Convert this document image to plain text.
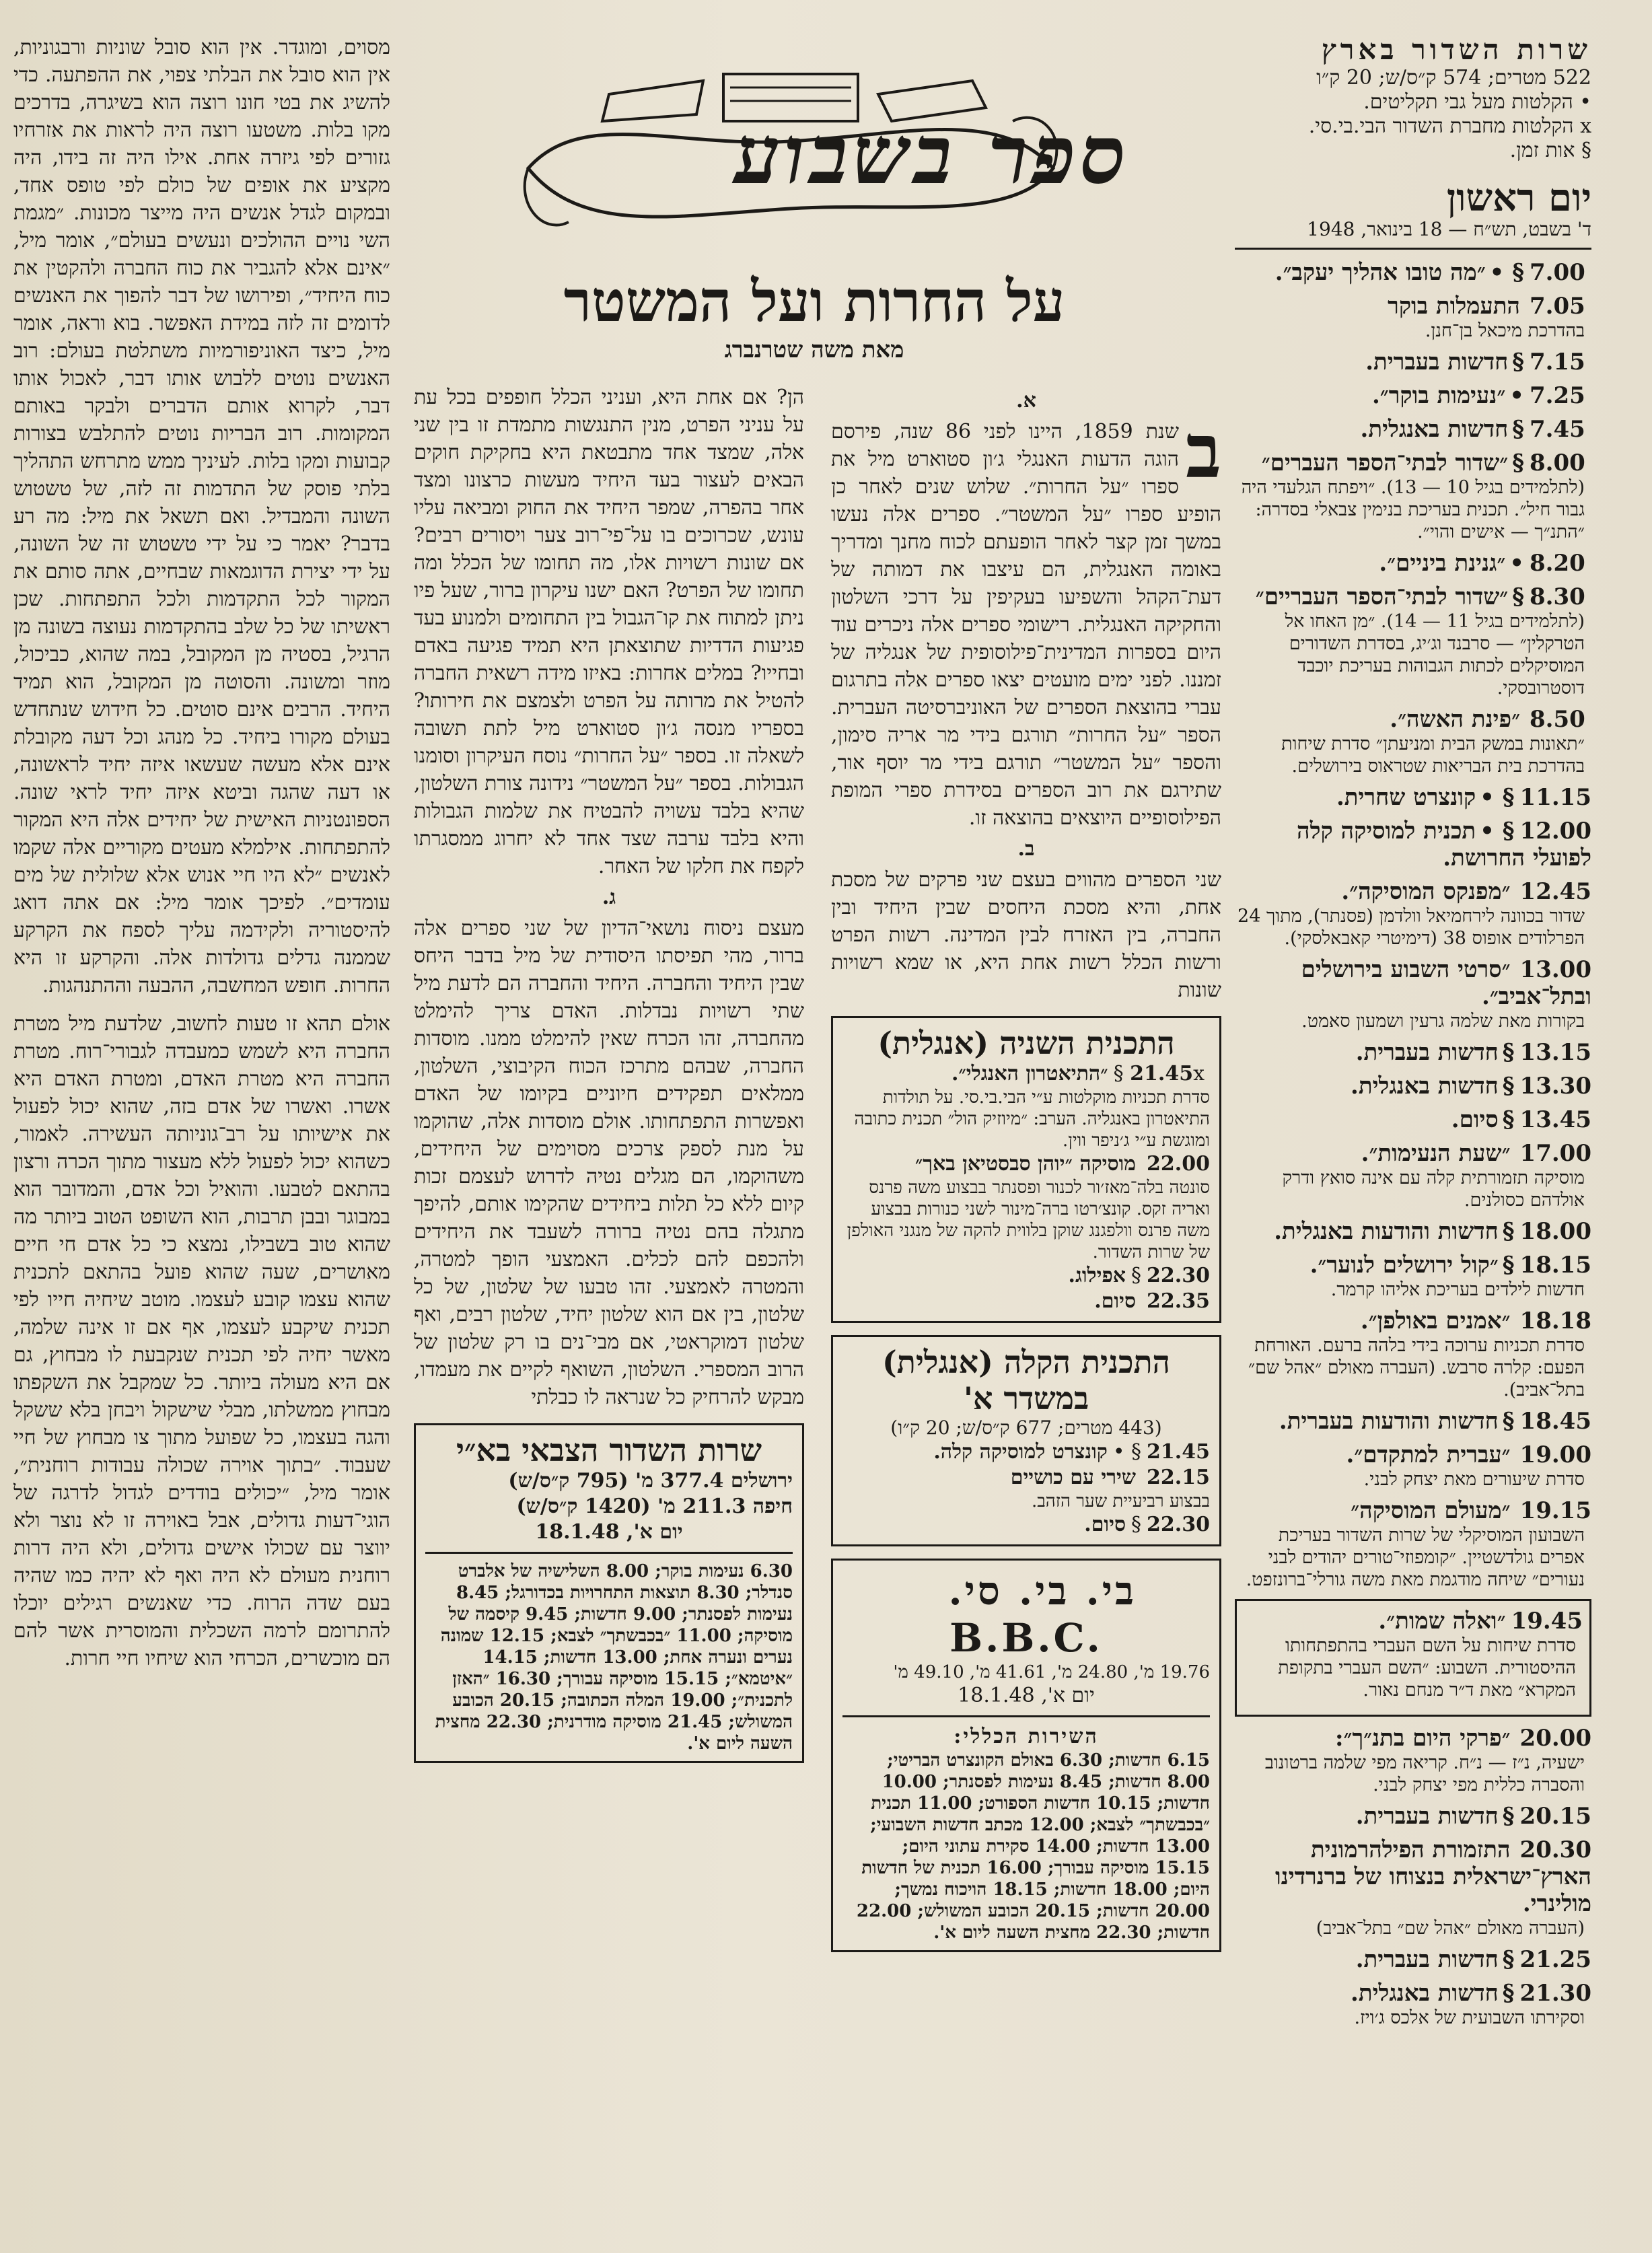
שרות השדור בארץ
522 מטרים; 574 ק״ס/ש; 20 ק״ו
• הקלטות מעל גבי תקליטים.
x הקלטות מחברת השדור הבי.בי.סי.
§ אות זמן.
יום ראשון
ד' בשבט, תש״ח — 18 בינואר, 1948
7.00§ •״מה טובו אהליך יעקב״.
7.05התעמלות בוקר
בהדרכת מיכאל בן־חנן.
7.15§חדשות בעברית.
7.25•״נעימות בוקר״.
7.45§חדשות באנגלית.
8.00§״שדור לבתי־הספר העברים״
(לתלמידים בגיל 10 — 13). ״ויפתח הגלעדי היה גבור חיל״. תכנית בעריכת בנימין צבאלי בסדרה: ״התנ״ך — אישים והוי״.
8.20•״גנינת ביניים״.
8.30§״שדור לבתי־הספר העבריים״
(לתלמידים בגיל 11 — 14). ״מן האחו אל הטרקלין״ — סרבנד וג׳יג, בסדרת השדורים המוסיקלים לכתות הגבוהות בעריכת יוכבד דוסטרובסקי.
8.50״פינת האשה״.
״תאונות במשק הבית ומניעתן״ סדרת שיחות בהדרכת בית הבריאות שטראוס בירושלים.
11.15§ •קונצרט שחרית.
12.00§ •תכנית למוסיקה קלה לפועלי החרושת.
12.45״מפנקס המוסיקה״.
שדור בכוונה לירחמיאל וולדמן (פסנתר), מתוך 24 הפרלודים אופוס 38 (דימיטרי קאבאלסקי).
13.00״סרטי השבוע בירושלים ובתל־אביב״.
בקורות מאת שלמה גרעין ושמעון סאמט.
13.15§חדשות בעברית.
13.30§חדשות באנגלית.
13.45§סיום.
17.00״שעת הנעימות״.
מוסיקה תזמורתית קלה עם אינה סואץ ודרק אולדהם כסולנים.
18.00§חדשות והודעות באנגלית.
18.15§״קול ירושלים לנוער״.
חדשות לילדים בעריכת אליהו קרמר.
18.18״אמנים באולפן״.
סדרת תכניות ערוכה בידי בלהה ברעם. האורחת הפעם: קלרה סרבש. (העברה מאולם ״אהל שם״ בתל־אביב).
18.45§חדשות והודעות בעברית.
19.00״עברית למתקדם״.
סדרת שיעורים מאת יצחק לבני.
19.15״מעולם המוסיקה״
השבועון המוסיקלי של שרות השדור בעריכת אפרים גולדשטיין. ״קומפוזי־טורים יהודים לבני נעורים״ שיחה מודגמת מאת משה גורלי־ברונזפט.
19.45״ואלה שמות״.
סדרת שיחות על השם העברי בהתפתחותו ההיסטורית. השבוע: ״השם העברי בתקופת המקרא״ מאת ד״ר מנחם נאור.
20.00״פרקי היום בתנ״ך״:
ישעיה, נ״ז — נ״ח. קריאה מפי שלמה ברטונוב והסברה כללית מפי יצחק לבני.
20.15§חדשות בעברית.
20.30התזמורת הפילהרמונית הארץ־ישראלית בנצוחו של ברנרדינו מולינרי.
(העברה מאולם ״אהל שם״ בתל־אביב)
21.25§חדשות בעברית.
21.30§חדשות באנגלית.
וסקירתו השבועית של אלכס ג׳ויז.
ספר בשבוע
על החרות ועל המשטר
מאת משה שטרנברג
א.
ב
שנת 1859, היינו לפני 86 שנה, פירסם הוגה הדעות האנגלי ג׳ון סטוארט מיל את ספרו ״על החרות״. שלוש שנים לאחר כן הופיע ספרו ״על המשטר״. ספרים אלה נעשו במשך זמן קצר לאחר הופעתם לכוח מחנך ומדריך באומה האנגלית, הם עיצבו את דמותה של דעת־הקהל והשפיעו בעקיפין על דרכי השלטון והחקיקה האנגלית. רישומי ספרים אלה ניכרים עוד היום בספרות המדינית־פילוסופית של אנגליה של זמננו. לפני ימים מועטים יצאו ספרים אלה בתרגום עברי בהוצאת הספרים של האוניברסיטה העברית. הספר ״על החרות״ תורגם בידי מר אריה סימון, והספר ״על המשטר״ תורגם בידי מר יוסף אור, שתירגם את רוב הספרים בסידרת ספרי המופת הפילוסופיים היוצאים בהוצאה זו.
ב.
שני הספרים מהווים בעצם שני פרקים של מסכת אחת, והיא מסכת היחסים שבין היחיד ובין החברה, בין האזרח לבין המדינה. רשות הפרט ורשות הכלל רשות אחת היא, או שמא רשויות שונות
התכנית השניה (אנגלית)
21.45x §״התיאטרון האנגלי״.
סדרת תכניות מוקלטות ע״י הבי.בי.סי. על תולדות התיאטרון באנגליה. הערב: ״מיוזיק הול״ תכנית כתובה ומוגשת ע״י ג׳ניפר ווין.
22.00מוסיקה ״יוהן סבסטיאן באך״
סונטה בלה־מאז׳ור לכנור ופסנתר בבצוע משה פרנס ואריה זקס. קונצ׳רטו ברה־מינור לשני כנורות בבצוע משה פרנס וולפגנג שוקן בלווית להקה של מנגני האולפן של שרות השדור.
22.30§אפילוג.
22.35סיום.
התכנית הקלה (אנגלית)
במשדר א'
(443 מטרים; 677 ק״ס/ש; 20 ק״ו)
21.45§ •קונצרט למוסיקה קלה.
22.15שירי עם כושיים
בבצוע רביעיית שער הזהב.
22.30§סיום.
בי. בי. סי.   B.B.C.
19.76 מ', 24.80 מ', 41.61 מ', 49.10 מ'
יום א', 18.1.48
השירות הכללי:
6.15 חדשות; 6.30 באולם הקונצרט הבריטי; 8.00 חדשות; 8.45 נעימות לפסנתר; 10.00 חדשות; 10.15 חדשות הספורט; 11.00 תכנית ״בכבשתך״ לצבא; 12.00 מכתב חדשות השבועי; 13.00 חדשות; 14.00 סקירת עתוני היום; 15.15 מוסיקה עבורך; 16.00 תכנית של חדשות היום; 18.00 חדשות; 18.15 הויכוח נמשך; 20.00 חדשות; 20.15 הכובע המשולש; 22.00 חדשות; 22.30 מחצית השעה ליום א'.
הן? אם אחת היא, ועניני הכלל חופפים בכל עת על עניני הפרט, מנין התנגשות מתמדת זו בין שני אלה, שמצד אחד מתבטאת היא בחקיקת חוקים הבאים לעצור בעד היחיד מעשות כרצונו ומצד אחר בהפרה, שמפר היחיד את החוק ומביאה עליו עונש, שכרוכים בו על־פי־רוב צער ויסורים רבים? אם שונות רשויות אלו, מה תחומו של הכלל ומה תחומו של הפרט? האם ישנו עיקרון ברור, שעל פיו ניתן למתוח את קו־הגבול בין התחומים ולמנוע בעד פגיעות הדדיות שתוצאתן היא תמיד פגיעה באדם ובחייו? במלים אחרות: באיזו מידה רשאית החברה להטיל את מרותה על הפרט ולצמצם את חירותו? בספריו מנסה ג׳ון סטוארט מיל לתת תשובה לשאלה זו. בספר ״על החרות״ נוסח העיקרון וסומנו הגבולות. בספר ״על המשטר״ נידונה צורת השלטון, שהיא בלבד עשויה להבטיח את שלמות הגבולות והיא בלבד ערבה שצד אחד לא יחרוג ממסגרתו לקפח את חלקו של האחר.
ג.
מעצם ניסוח נושאי־הדיון של שני ספרים אלה ברור, מהי תפיסתו היסודית של מיל בדבר היחס שבין היחיד והחברה. היחיד והחברה הם לדעת מיל שתי רשויות נבדלות. האדם צריך להימלט מהחברה, זהו הכרח שאין להימלט ממנו. מוסדות החברה, שבהם מתרכז הכוח הקיבוצי, השלטון, ממלאים תפקידים חיוניים בקיומו של האדם ואפשרות התפתחותו. אולם מוסדות אלה, שהוקמו על מנת לספק צרכים מסוימים של היחידים, משהוקמו, הם מגלים נטיה לדרוש לעצמם זכות קיום ללא כל תלות ביחידים שהקימו אותם, להיפך מתגלה בהם נטיה ברורה לשעבד את היחידים ולהכפם להם לכלים. האמצעי הופך למטרה, והמטרה לאמצעי. זהו טבעו של שלטון, של כל שלטון, בין אם הוא שלטון יחיד, שלטון רבים, ואף שלטון דמוקראטי, אם מבי־נים בו רק שלטון של הרוב המספרי. השלטון, השואף לקיים את מעמדו, מבקש להרחיק כל שנראה לו כבלתי
שרות השדור הצבאי בא״י
ירושלים 377.4 מ' (795 ק״ס/ש)
חיפה 211.3 מ' (1420 ק״ס/ש)
יום א', 18.1.48
6.30 נעימות בוקר; 8.00 השלישיה של אלברט סנדלר; 8.30 תוצאות התחרויות בכדורגל; 8.45 נעימות לפסנתר; 9.00 חדשות; 9.45 קיסמה של מוסיקה; 11.00 ״בכבשתך״ לצבא; 12.15 שמונה נערים ונערה אחת; 13.00 חדשות; 14.15 ״איטמא״; 15.15 מוסיקה עבורך; 16.30 ״האזן לתכנית״; 19.00 המלה הכתובה; 20.15 הכובע המשולש; 21.45 מוסיקה מודרנית; 22.30 מחצית השעה ליום א'.
מסוים, ומוגדר. אין הוא סובל שוניות ורבגוניות, אין הוא סובל את הבלתי צפוי, את ההפתעה. כדי להשיג את בטי חונו רוצה הוא בשיגרה, בדרכים מקו בלות. משטעו רוצה היה לראות את אזרחיו גזורים לפי גיזרה אחת. אילו היה זה בידו, היה מקציע את אופים של כולם לפי טופס אחד, ובמקום לגדל אנשים היה מייצר מכונות. ״מגמת השי נויים ההולכים ונעשים בעולם״, אומר מיל, ״אינם אלא להגביר את כוח החברה ולהקטין את כוח היחיד״, ופירושו של דבר להפוך את האנשים לדומים זה לזה במידת האפשר. בוא וראה, אומר מיל, כיצד האוניפורמיות משתלטת בעולם: רוב האנשים נוטים ללבוש אותו דבר, לאכול אותו דבר, לקרוא אותם הדברים ולבקר באותם המקומות. רוב הבריות נוטים להתלבש בצורות קבועות ומקו בלות. לעיניך ממש מתרחש התהליך בלתי פוסק של התדמות זה לזה, של טשטוש השונה והמבדיל. ואם תשאל את מיל: מה רע בדבר? יאמר כי על ידי טשטוש זה של השונה, על ידי יצירת הדוגמאות שבחיים, אתה סותם את המקור לכל התקדמות ולכל התפתחות. שכן ראשיתו של כל שלב בהתקדמות נעוצה בשונה מן הרגיל, בסטיה מן המקובל, במה שהוא, כביכול, מוזר ומשונה. והסוטה מן המקובל, הוא תמיד היחיד. הרבים אינם סוטים. כל חידוש שנתחדש בעולם מקורו ביחיד. כל מנהג וכל דעה מקובלת אינם אלא מעשה שעשאו איזה יחיד לראשונה, או דעה שהגה וביטא איזה יחיד לראי שונה. הספונטניות האישית של יחידים אלה היא המקור להתפתחות. אילמלא מעטים מקוריים אלה שקמו לאנשים ״לא היו חיי אנוש אלא שלולית של מים עומדים״. לפיכך אומר מיל: אם אתה דואג להיסטוריה ולקידמה עליך לספח את הקרקע שממנה גדלים גדולדות אלה. והקרקע זו היא החרות. חופש המחשבה, ההבעה וההתנהגות.
אולם תהא זו טעות לחשוב, שלדעת מיל מטרת החברה היא לשמש כמעבדה לגבורי־רוח. מטרת החברה היא מטרת האדם, ומטרת האדם היא אשרו. ואשרו של אדם בזה, שהוא יכול לפעול את אישיותו על רב־גוניותה העשירה. לאמור, כשהוא יכול לפעול ללא מעצור מתוך הכרה ורצון בהתאם לטבעו. והואיל וכל אדם, והמדובר הוא במבוגר ובבן תרבות, הוא השופט הטוב ביותר מה שהוא טוב בשבילו, נמצא כי כל אדם חי חיים מאושרים, שעה שהוא פועל בהתאם לתכנית שהוא עצמו קובע לעצמו. מוטב שיחיה חייו לפי תכנית שיקבע לעצמו, אף אם זו אינה שלמה, מאשר יחיה לפי תכנית שנקבעת לו מבחוץ, גם אם היא מעולה ביותר. כל שמקבל את השקפתו מבחוץ ממשלתו, מבלי שישקול ויבחן בלא ששקל והגה בעצמו, כל שפועל מתוך צו מבחוץ של חיי שעבוד. ״בתוך אוירה שכולה עבודות רוחנית״, אומר מיל, ״יכולים בודדים לגדול לדרגה של הוגי־דעות גדולים, אבל באוירה זו לא נוצר ולא יווצר עם שכולו אישים גדולים, ולא היה דרות רוחנית מעולם לא היה ואף לא יהיה כמו שהיה בעם שדה הרוח. כדי שאנשים רגילים יוכלו להתרומם לרמה השכלית והמוסרית אשר להם הם מוכשרים, הכרחי הוא שיחיו חיי חרות.
